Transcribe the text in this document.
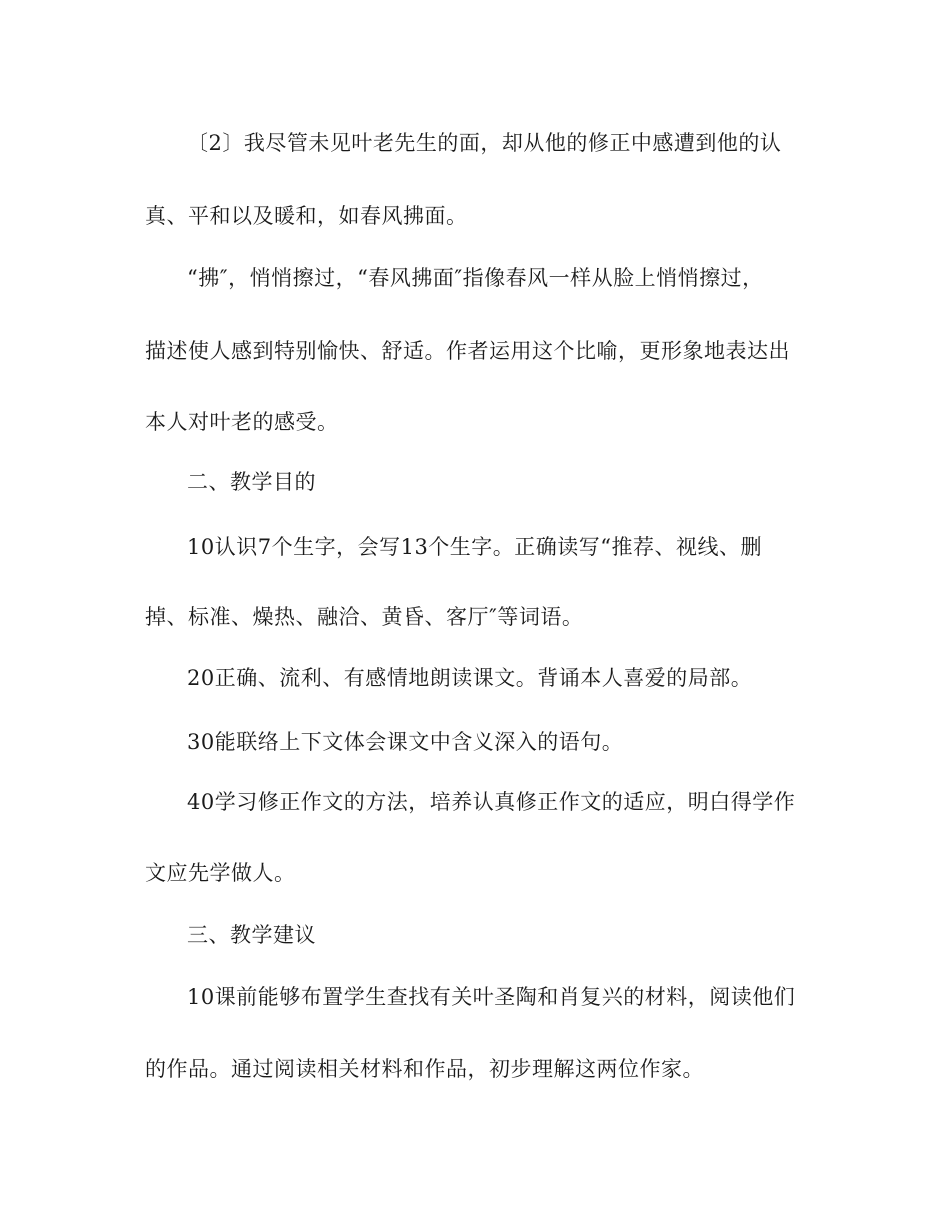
〔2〕我尽管未见叶老先生的面，却从他的修正中感遭到他的认

真、平和以及暖和，如春风拂面。

“拂″，悄悄擦过，“春风拂面″指像春风一样从脸上悄悄擦过，

描述使人感到特别愉快、舒适。作者运用这个比喻，更形象地表达出

本人对叶老的感受。

二、教学目的

10认识7个生字，会写13个生字。正确读写“推荐、视线、删

掉、标准、燥热、融洽、黄昏、客厅″等词语。

20正确、流利、有感情地朗读课文。背诵本人喜爱的局部。

30能联络上下文体会课文中含义深入的语句。

40学习修正作文的方法，培养认真修正作文的适应，明白得学作

文应先学做人。

三、教学建议

10课前能够布置学生查找有关叶圣陶和肖复兴的材料，阅读他们

的作品。通过阅读相关材料和作品，初步理解这两位作家。
